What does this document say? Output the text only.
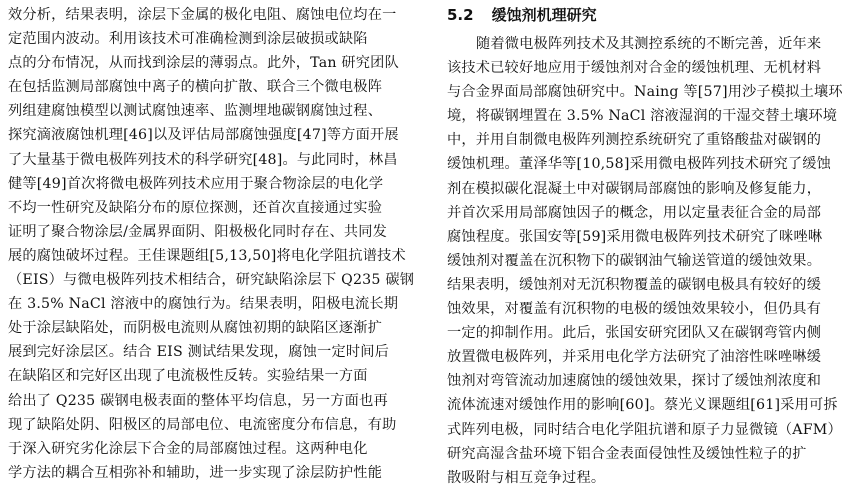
效分析，结果表明，涂层下金属的极化电阻、腐蚀电位均在一
定范围内波动。利用该技术可准确检测到涂层破损或缺陷
点的分布情况，从而找到涂层的薄弱点。此外，Tan 研究团队
在包括监测局部腐蚀中离子的横向扩散、联合三个微电极阵
列组建腐蚀模型以测试腐蚀速率、监测埋地碳钢腐蚀过程、
探究滴液腐蚀机理[46]以及评估局部腐蚀强度[47]等方面开展
了大量基于微电极阵列技术的科学研究[48]。与此同时，林昌
健等[49]首次将微电极阵列技术应用于聚合物涂层的电化学
不均一性研究及缺陷分布的原位探测，还首次直接通过实验
证明了聚合物涂层/金属界面阴、阳极极化同时存在、共同发
展的腐蚀破坏过程。王佳课题组[5,13,50]将电化学阻抗谱技术
（EIS）与微电极阵列技术相结合，研究缺陷涂层下 Q235 碳钢
在 3.5% NaCl 溶液中的腐蚀行为。结果表明，阳极电流长期
处于涂层缺陷处，而阴极电流则从腐蚀初期的缺陷区逐渐扩
展到完好涂层区。结合 EIS 测试结果发现，腐蚀一定时间后
在缺陷区和完好区出现了电流极性反转。实验结果一方面
给出了 Q235 碳钢电极表面的整体平均信息，另一方面也再
现了缺陷处阴、阳极区的局部电位、电流密度分布信息，有助
于深入研究劣化涂层下合金的局部腐蚀过程。这两种电化
学方法的耦合互相弥补和辅助，进一步实现了涂层防护性能
5.2 缓蚀剂机理研究
随着微电极阵列技术及其测控系统的不断完善，近年来
该技术已较好地应用于缓蚀剂对合金的缓蚀机理、无机材料
与合金界面局部腐蚀研究中。Naing 等[57]用沙子模拟土壤环
境，将碳钢埋置在 3.5% NaCl 溶液湿润的干湿交替土壤环境
中，并用自制微电极阵列测控系统研究了重铬酸盐对碳钢的
缓蚀机理。董泽华等[10,58]采用微电极阵列技术研究了缓蚀
剂在模拟碳化混凝土中对碳钢局部腐蚀的影响及修复能力，
并首次采用局部腐蚀因子的概念，用以定量表征合金的局部
腐蚀程度。张国安等[59]采用微电极阵列技术研究了咪唑啉
缓蚀剂对覆盖在沉积物下的碳钢油气输送管道的缓蚀效果。
结果表明，缓蚀剂对无沉积物覆盖的碳钢电极具有较好的缓
蚀效果，对覆盖有沉积物的电极的缓蚀效果较小，但仍具有
一定的抑制作用。此后，张国安研究团队又在碳钢弯管内侧
放置微电极阵列，并采用电化学方法研究了油溶性咪唑啉缓
蚀剂对弯管流动加速腐蚀的缓蚀效果，探讨了缓蚀剂浓度和
流体流速对缓蚀作用的影响[60]。蔡光义课题组[61]采用可拆
式阵列电极，同时结合电化学阻抗谱和原子力显微镜（AFM）
研究高湿含盐环境下铝合金表面侵蚀性及缓蚀性粒子的扩
散吸附与相互竞争过程。
